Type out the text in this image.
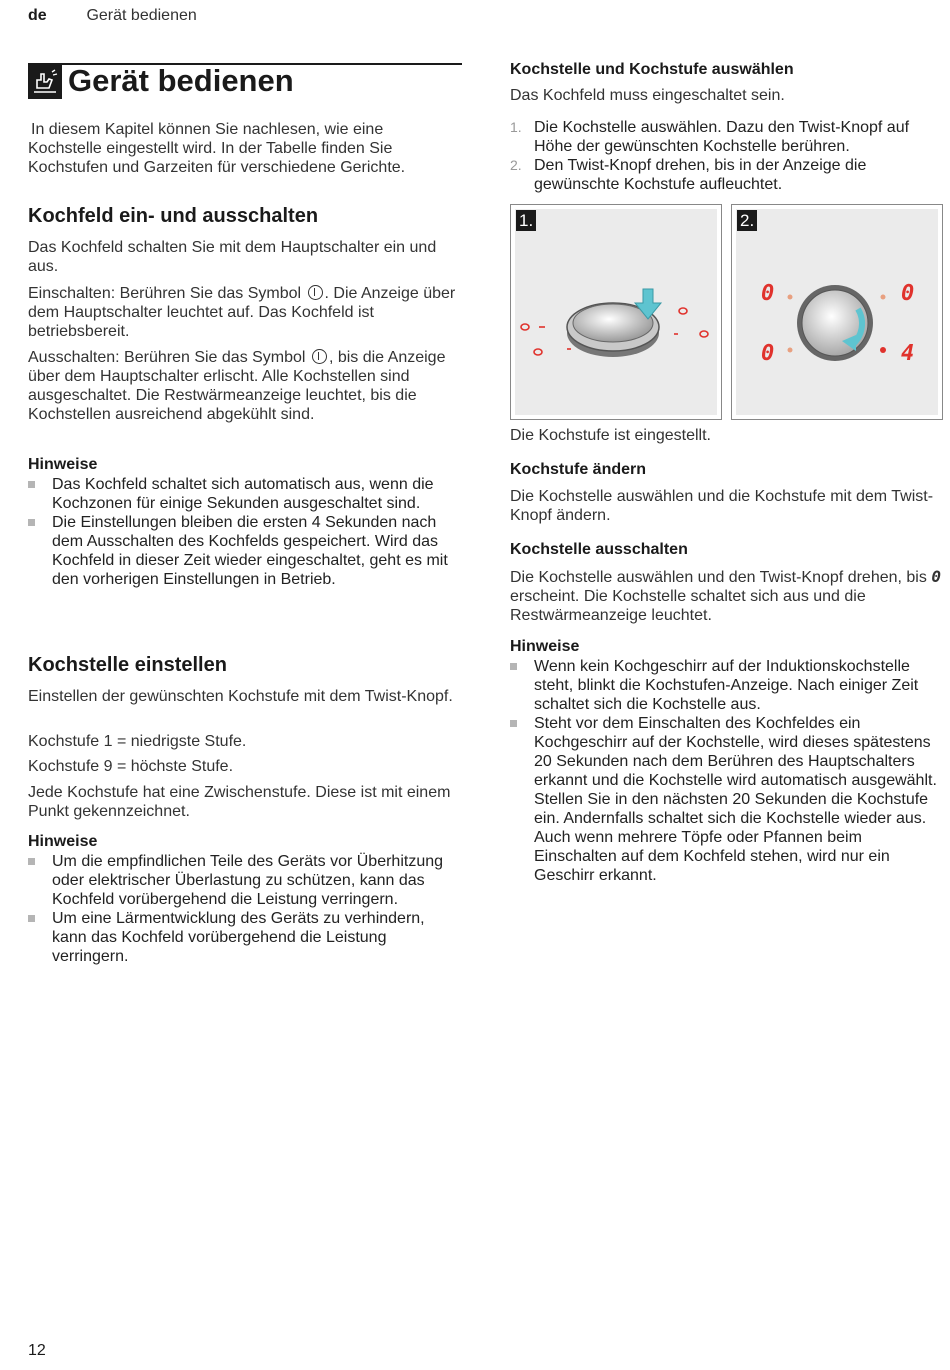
de Gerät bedienen
Gerät bedienen

In diesem Kapitel können Sie nachlesen, wie eine Kochstelle eingestellt wird. In der Tabelle finden Sie Kochstufen und Garzeiten für verschiedene Gerichte.

Kochfeld ein- und ausschalten

Das Kochfeld schalten Sie mit dem Hauptschalter ein und aus.

Einschalten: Berühren Sie das Symbol . Die Anzeige über dem Hauptschalter leuchtet auf. Das Kochfeld ist betriebsbereit.

Ausschalten: Berühren Sie das Symbol , bis die Anzeige über dem Hauptschalter erlischt. Alle Kochstellen sind ausgeschaltet. Die Restwärmeanzeige leuchtet, bis die Kochstellen ausreichend abgekühlt sind.

Hinweise
Das Kochfeld schaltet sich automatisch aus, wenn die Kochzonen für einige Sekunden ausgeschaltet sind.
Die Einstellungen bleiben die ersten 4 Sekunden nach dem Ausschalten des Kochfelds gespeichert. Wird das Kochfeld in dieser Zeit wieder eingeschaltet, geht es mit den vorherigen Einstellungen in Betrieb.
Kochstelle einstellen

Einstellen der gewünschten Kochstufe mit dem Twist-Knopf.

Kochstufe 1 = niedrigste Stufe.

Kochstufe 9 = höchste Stufe.

Jede Kochstufe hat eine Zwischenstufe. Diese ist mit einem Punkt gekennzeichnet.

Hinweise
Um die empfindlichen Teile des Geräts vor Überhitzung oder elektrischer Überlastung zu schützen, kann das Kochfeld vorübergehend die Leistung verringern.
Um eine Lärmentwicklung des Geräts zu verhindern, kann das Kochfeld vorübergehend die Leistung verringern.
Kochstelle und Kochstufe auswählen

Das Kochfeld muss eingeschaltet sein.

1. Die Kochstelle auswählen. Dazu den Twist-Knopf auf Höhe der gewünschten Kochstelle berühren.
2. Den Twist-Knopf drehen, bis in der Anzeige die gewünschte Kochstufe aufleuchtet.
1.	2.
0	0
0	4

Die Kochstufe ist eingestellt.

Kochstufe ändern

Die Kochstelle auswählen und die Kochstufe mit dem Twist-Knopf ändern.

Kochstelle ausschalten

Die Kochstelle auswählen und den Twist-Knopf drehen, bis 0 erscheint. Die Kochstelle schaltet sich aus und die Restwärmeanzeige leuchtet.

Hinweise
Wenn kein Kochgeschirr auf der Induktionskochstelle steht, blinkt die Kochstufen-Anzeige. Nach einiger Zeit schaltet sich die Kochstelle aus.
Steht vor dem Einschalten des Kochfeldes ein Kochgeschirr auf der Kochstelle, wird dieses spätestens 20 Sekunden nach dem Berühren des Hauptschalters erkannt und die Kochstelle wird automatisch ausgewählt. Stellen Sie in den nächsten 20 Sekunden die Kochstufe ein. Andernfalls schaltet sich die Kochstelle wieder aus.
Auch wenn mehrere Töpfe oder Pfannen beim Einschalten auf dem Kochfeld stehen, wird nur ein Geschirr erkannt.
12
